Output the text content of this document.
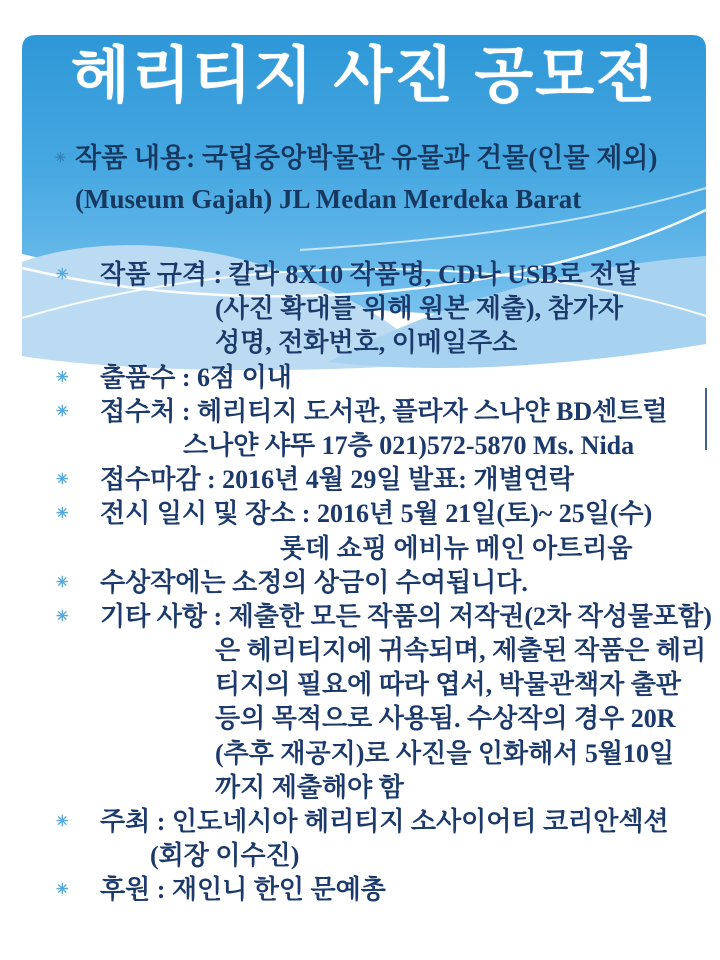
헤리티지 사진 공모전
✳ 작품 내용: 국립중앙박물관 유물과 건물(인물 제외)
(Museum Gajah) JL Medan Merdeka Barat
✳ 작품 규격 : 칼라 8X10 작품명, CD나 USB로 전달
(사진 확대를 위해 원본 제출), 참가자
성명, 전화번호, 이메일주소
✳ 출품수 : 6점 이내
✳ 접수처 : 헤리티지 도서관, 플라자 스나얀 BD센트럴
스나얀 샤뚜 17층 021)572-5870 Ms. Nida
✳ 접수마감 : 2016년 4월 29일 발표: 개별연락
✳ 전시 일시 및 장소 : 2016년 5월 21일(토)~ 25일(수)
롯데 쇼핑 에비뉴 메인 아트리움
✳ 수상작에는 소정의 상금이 수여됩니다.
✳ 기타 사항 : 제출한 모든 작품의 저작권(2차 작성물포함)
은 헤리티지에 귀속되며, 제출된 작품은 헤리
티지의 필요에 따라 엽서, 박물관책자 출판
등의 목적으로 사용됨. 수상작의 경우 20R
(추후 재공지)로 사진을 인화해서 5월10일
까지 제출해야 함
✳ 주최 : 인도네시아 헤리티지 소사이어티 코리안섹션
(회장 이수진)
✳ 후원 : 재인니 한인 문예총
